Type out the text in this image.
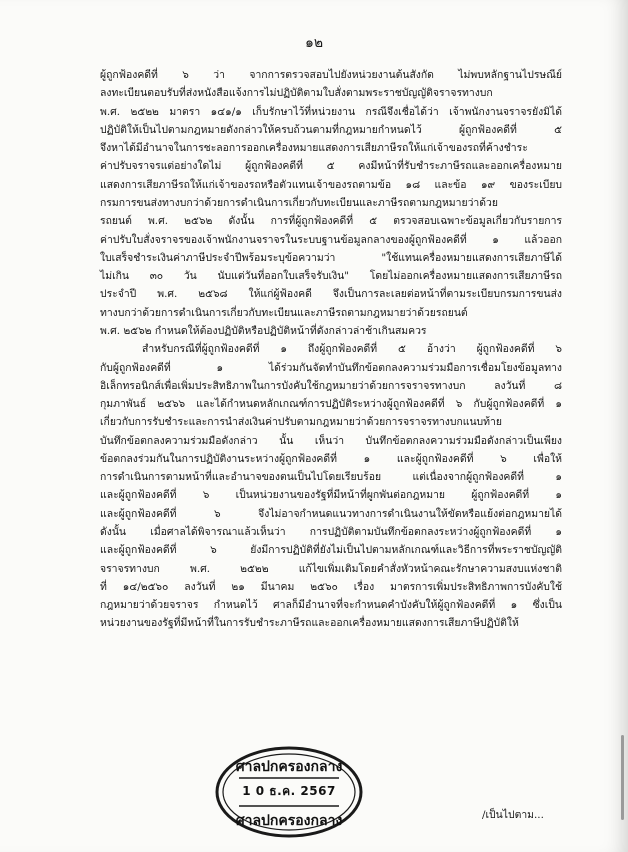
๑๒

ผู้ถูกฟ้องคดีที่ ๖ ว่า จากการตรวจสอบไปยังหน่วยงานต้นสังกัด ไม่พบหลักฐานไปรษณีย์

ลงทะเบียนตอบรับที่ส่งหนังสือแจ้งการไม่ปฏิบัติตามใบสั่งตามพระราชบัญญัติจราจรทางบก

พ.ศ. ๒๕๒๒ มาตรา ๑๔๑/๑ เก็บรักษาไว้ที่หน่วยงาน กรณีจึงเชื่อได้ว่า เจ้าพนักงานจราจรยังมิได้

ปฏิบัติให้เป็นไปตามกฎหมายดังกล่าวให้ครบถ้วนตามที่กฎหมายกำหนดไว้ ผู้ถูกฟ้องคดีที่ ๕

จึงหาได้มีอำนาจในการชะลอการออกเครื่องหมายแสดงการเสียภาษีรถให้แก่เจ้าของรถที่ค้างชำระ

ค่าปรับจราจรแต่อย่างใดไม่ ผู้ถูกฟ้องคดีที่ ๕ คงมีหน้าที่รับชำระภาษีรถและออกเครื่องหมาย

แสดงการเสียภาษีรถให้แก่เจ้าของรถหรือตัวแทนเจ้าของรถตามข้อ ๑๘ และข้อ ๑๙ ของระเบียบ

กรมการขนส่งทางบกว่าด้วยการดำเนินการเกี่ยวกับทะเบียนและภาษีรถตามกฎหมายว่าด้วย

รถยนต์ พ.ศ. ๒๕๖๒ ดังนั้น การที่ผู้ถูกฟ้องคดีที่ ๕ ตรวจสอบเฉพาะข้อมูลเกี่ยวกับรายการ

ค่าปรับใบสั่งจราจรของเจ้าพนักงานจราจรในระบบฐานข้อมูลกลางของผู้ถูกฟ้องคดีที่ ๑ แล้วออก

ใบเสร็จชำระเงินค่าภาษีประจำปีพร้อมระบุข้อความว่า "ใช้แทนเครื่องหมายแสดงการเสียภาษีได้

ไม่เกิน ๓๐ วัน นับแต่วันที่ออกใบเสร็จรับเงิน" โดยไม่ออกเครื่องหมายแสดงการเสียภาษีรถ

ประจำปี พ.ศ. ๒๕๖๘ ให้แก่ผู้ฟ้องคดี จึงเป็นการละเลยต่อหน้าที่ตามระเบียบกรมการขนส่ง

ทางบกว่าด้วยการดำเนินการเกี่ยวกับทะเบียนและภาษีรถตามกฎหมายว่าด้วยรถยนต์

พ.ศ. ๒๕๖๒ กำหนดให้ต้องปฏิบัติหรือปฏิบัติหน้าที่ดังกล่าวล่าช้าเกินสมควร

สำหรับกรณีที่ผู้ถูกฟ้องคดีที่ ๑ ถึงผู้ถูกฟ้องคดีที่ ๕ อ้างว่า ผู้ถูกฟ้องคดีที่ ๖

กับผู้ถูกฟ้องคดีที่ ๑ ได้ร่วมกันจัดทำบันทึกข้อตกลงความร่วมมือการเชื่อมโยงข้อมูลทาง

อิเล็กทรอนิกส์เพื่อเพิ่มประสิทธิภาพในการบังคับใช้กฎหมายว่าด้วยการจราจรทางบก ลงวันที่ ๘

กุมภาพันธ์ ๒๕๖๖ และได้กำหนดหลักเกณฑ์การปฏิบัติระหว่างผู้ถูกฟ้องคดีที่ ๖ กับผู้ถูกฟ้องคดีที่ ๑

เกี่ยวกับการรับชำระและการนำส่งเงินค่าปรับตามกฎหมายว่าด้วยการจราจรทางบกแนบท้าย

บันทึกข้อตกลงความร่วมมือดังกล่าว นั้น เห็นว่า บันทึกข้อตกลงความร่วมมือดังกล่าวเป็นเพียง

ข้อตกลงร่วมกันในการปฏิบัติงานระหว่างผู้ถูกฟ้องคดีที่ ๑ และผู้ถูกฟ้องคดีที่ ๖ เพื่อให้

การดำเนินการตามหน้าที่และอำนาจของตนเป็นไปโดยเรียบร้อย แต่เนื่องจากผู้ถูกฟ้องคดีที่ ๑

และผู้ถูกฟ้องคดีที่ ๖ เป็นหน่วยงานของรัฐที่มีหน้าที่ผูกพันต่อกฎหมาย ผู้ถูกฟ้องคดีที่ ๑

และผู้ถูกฟ้องคดีที่ ๖ จึงไม่อาจกำหนดแนวทางการดำเนินงานให้ขัดหรือแย้งต่อกฎหมายได้

ดังนั้น เมื่อศาลได้พิจารณาแล้วเห็นว่า การปฏิบัติตามบันทึกข้อตกลงระหว่างผู้ถูกฟ้องคดีที่ ๑

และผู้ถูกฟ้องคดีที่ ๖ ยังมีการปฏิบัติที่ยังไม่เป็นไปตามหลักเกณฑ์และวิธีการที่พระราชบัญญัติ

จราจรทางบก พ.ศ. ๒๕๒๒ แก้ไขเพิ่มเติมโดยคำสั่งหัวหน้าคณะรักษาความสงบแห่งชาติ

ที่ ๑๔/๒๕๖๐ ลงวันที่ ๒๑ มีนาคม ๒๕๖๐ เรื่อง มาตรการเพิ่มประสิทธิภาพการบังคับใช้

กฎหมายว่าด้วยจราจร กำหนดไว้ ศาลก็มีอำนาจที่จะกำหนดคำบังคับให้ผู้ถูกฟ้องคดีที่ ๑ ซึ่งเป็น

หน่วยงานของรัฐที่มีหน้าที่ในการรับชำระภาษีรถและออกเครื่องหมายแสดงการเสียภาษีปฏิบัติให้

ศาลปกครองกลาง
1 0 ธ.ค. 2567
ศาลปกครองกลาง	/เป็นไปตาม...
